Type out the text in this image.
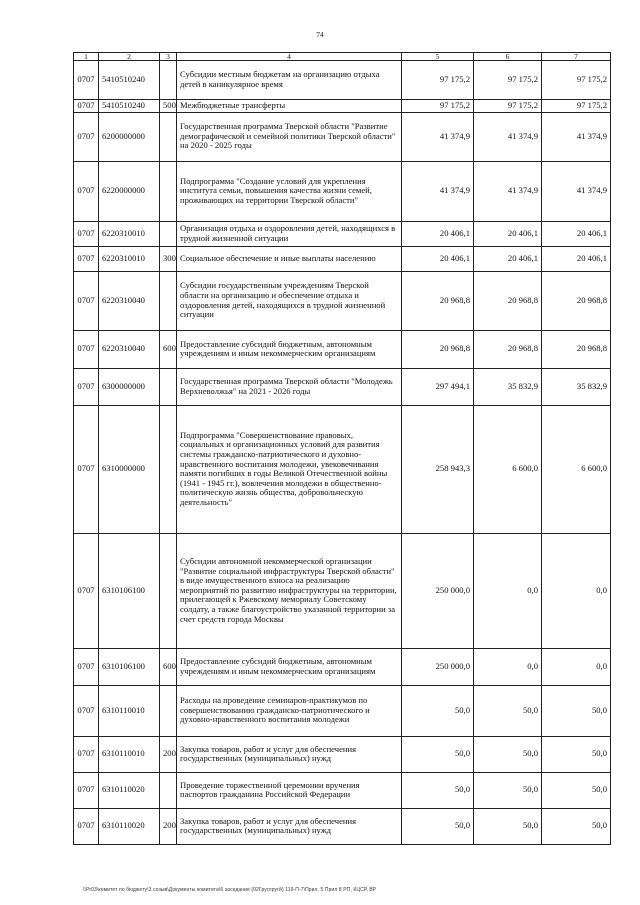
74
1	2	3	4	5	6	7
0707	5410510240		Субсидии местным бюджетам на организацию отдыха детей в каникулярное время	97 175,2	97 175,2	97 175,2
0707	5410510240	500	Межбюджетные трансферты	97 175,2	97 175,2	97 175,2
0707	6200000000		Государственная программа Тверской области "Развитие демографической и семейной политики Тверской области" на 2020 - 2025 годы	41 374,9	41 374,9	41 374,9
0707	6220000000		Подпрограмма "Создание условий для укрепления института семьи, повышения качества жизни семей, проживающих на территории Тверской области"	41 374,9	41 374,9	41 374,9
0707	6220310010		Организация отдыха и оздоровления детей, находящихся в трудной жизненной ситуации	20 406,1	20 406,1	20 406,1
0707	6220310010	300	Социальное обеспечение и иные выплаты населению	20 406,1	20 406,1	20 406,1
0707	6220310040		Субсидии государственным учреждениям Тверской области на организацию и обеспечение отдыха и оздоровления детей, находящихся в трудной жизненной ситуации	20 968,8	20 968,8	20 968,8
0707	6220310040	600	Предоставление субсидий бюджетным, автономным учреждениям и иным некоммерческим организациям	20 968,8	20 968,8	20 968,8
0707	6300000000		Государственная программа Тверской области "Молодежь Верхневолжья" на 2021 - 2026 годы	297 494,1	35 832,9	35 832,9
0707	6310000000		Подпрограмма "Совершенствование правовых, социальных и организационных условий для развития системы гражданско-патриотического и духовно-нравственного воспитания молодежи, увековечивания памяти погибших в годы Великой Отечественной войны (1941 - 1945 гг.), вовлечения молодежи в общественно-политическую жизнь общества, добровольческую деятельность"	258 943,3	6 600,0	6 600,0
0707	6310106100		Субсидии автономной некоммерческой организации "Развитие социальной инфраструктуры Тверской области" в виде имущественного взноса на реализацию мероприятий по развитию инфраструктуры на территории, прилегающей к Ржевскому мемориалу Советскому солдату, а также благоустройство указанной территории за счет средств города Москвы	250 000,0	0,0	0,0
0707	6310106100	600	Предоставление субсидий бюджетным, автономным учреждениям и иным некоммерческим организациям	250 000,0	0,0	0,0
0707	6310110010		Расходы на проведение семинаров-практикумов по совершенствованию гражданско-патриотического и духовно-нравственного воспитания молодежи	50,0	50,0	50,0
0707	6310110010	200	Закупка товаров, работ и услуг для обеспечения государственных (муниципальных) нужд	50,0	50,0	50,0
0707	6310110020		Проведение торжественной церемонии вручения паспортов гражданина Российской Федерации	50,0	50,0	50,0
0707	6310110020	200	Закупка товаров, работ и услуг для обеспечения государственных (муниципальных) нужд	50,0	50,0	50,0
\\Pr03\комитет по бюджету\3 созыв\Документы комитета\6 заседание (02Груглругй) 119-П-7\Прил. 5 Прил 8 РП, КЦСР, ВР
